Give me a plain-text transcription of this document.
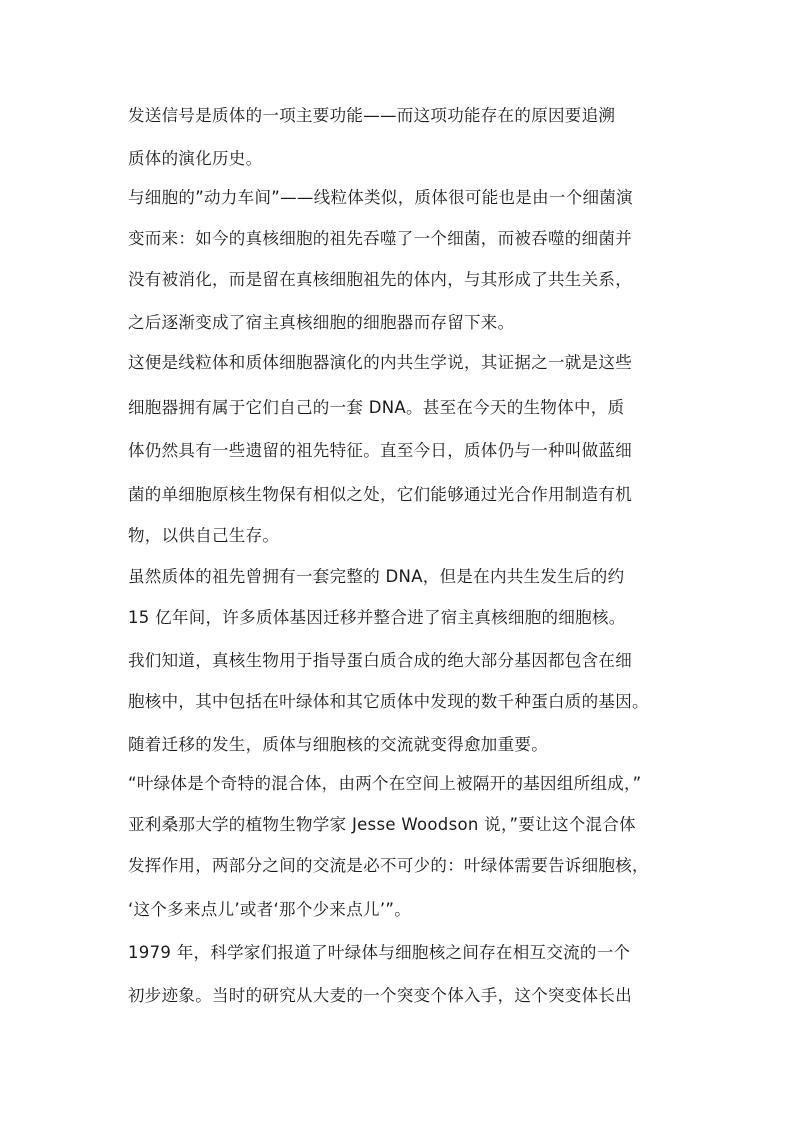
发送信号是质体的一项主要功能——而这项功能存在的原因要追溯
质体的演化历史。
与细胞的”动力车间”——线粒体类似，质体很可能也是由一个细菌演
变而来：如今的真核细胞的祖先吞噬了一个细菌，而被吞噬的细菌并
没有被消化，而是留在真核细胞祖先的体内，与其形成了共生关系，
之后逐渐变成了宿主真核细胞的细胞器而存留下来。
这便是线粒体和质体细胞器演化的内共生学说，其证据之一就是这些
细胞器拥有属于它们自己的一套 DNA。甚至在今天的生物体中，质
体仍然具有一些遗留的祖先特征。直至今日，质体仍与一种叫做蓝细
菌的单细胞原核生物保有相似之处，它们能够通过光合作用制造有机
物，以供自己生存。
虽然质体的祖先曾拥有一套完整的 DNA，但是在内共生发生后的约
15 亿年间，许多质体基因迁移并整合进了宿主真核细胞的细胞核。
我们知道，真核生物用于指导蛋白质合成的绝大部分基因都包含在细
胞核中，其中包括在叶绿体和其它质体中发现的数千种蛋白质的基因。
随着迁移的发生，质体与细胞核的交流就变得愈加重要。
“叶绿体是个奇特的混合体，由两个在空间上被隔开的基因组所组成，”
亚利桑那大学的植物生物学家 Jesse Woodson 说，”要让这个混合体
发挥作用，两部分之间的交流是必不可少的：叶绿体需要告诉细胞核，
‘这个多来点儿’或者‘那个少来点儿’”。
1979 年，科学家们报道了叶绿体与细胞核之间存在相互交流的一个
初步迹象。当时的研究从大麦的一个突变个体入手，这个突变体长出
